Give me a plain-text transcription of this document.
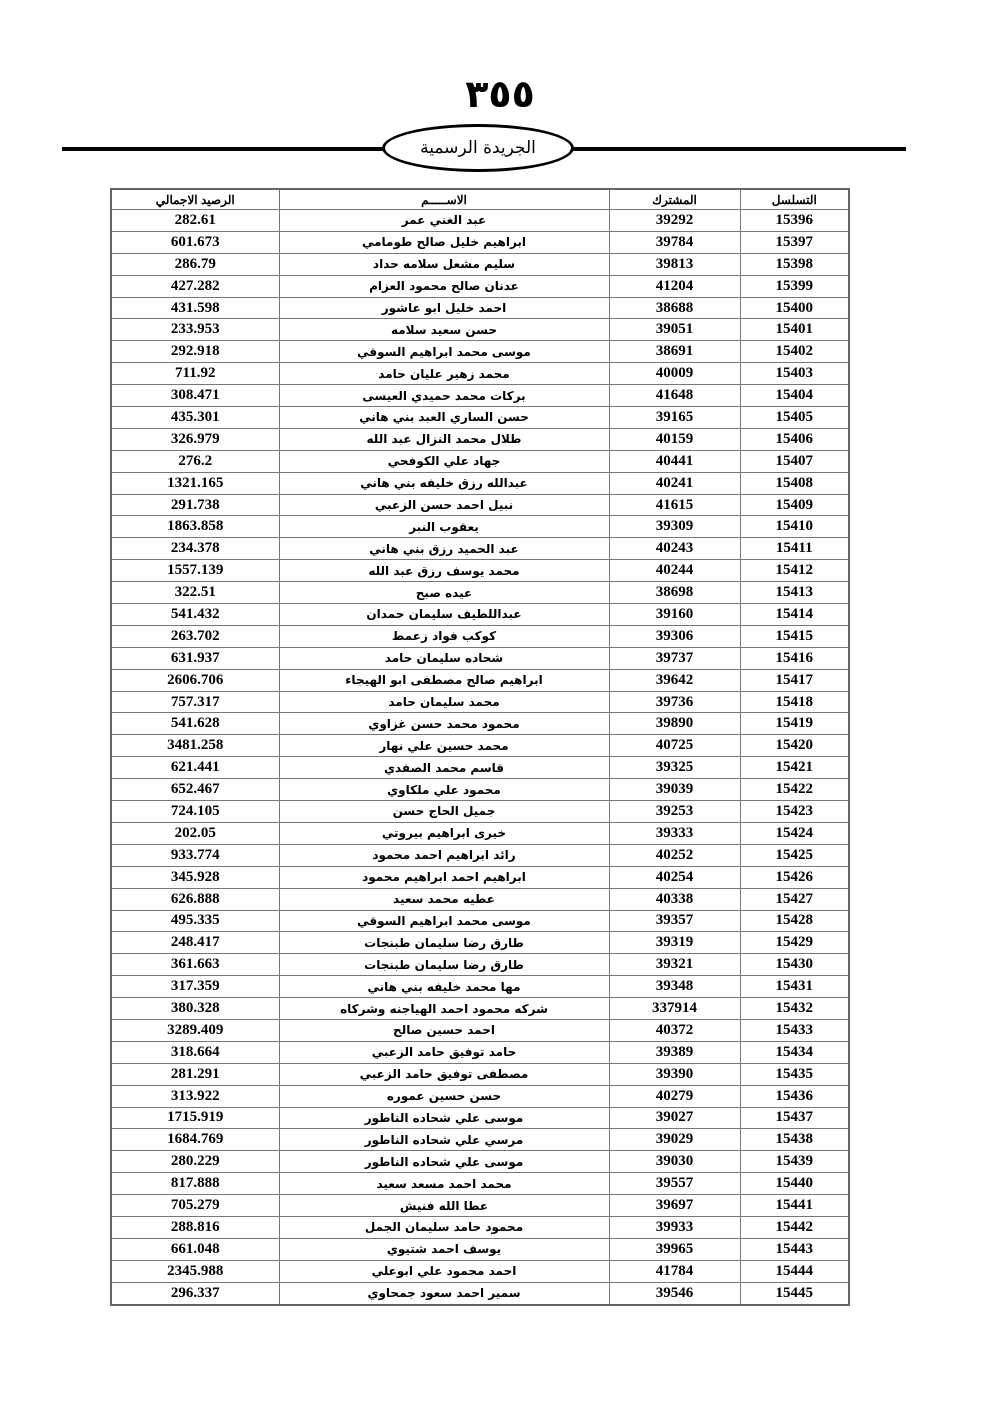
٣٥٥
الجريدة الرسمية
الرصيد الاجمالي	الاســـــم	المشترك	التسلسل
282.61	عبد الغني عمر	39292	15396
601.673	ابراهيم خليل صالح طومامي	39784	15397
286.79	سليم مشعل سلامه حداد	39813	15398
427.282	عدنان صالح محمود العزام	41204	15399
431.598	احمد خليل ابو عاشور	38688	15400
233.953	حسن سعيد سلامه	39051	15401
292.918	موسى محمد ابراهيم السوقي	38691	15402
711.92	محمد زهير عليان حامد	40009	15403
308.471	بركات محمد حميدي العيسى	41648	15404
435.301	حسن الساري العبد بني هاني	39165	15405
326.979	طلال محمد النزال عبد الله	40159	15406
276.2	جهاد علي الكوفحي	40441	15407
1321.165	عبدالله رزق خليفه بني هاني	40241	15408
291.738	نبيل احمد حسن الزعبي	41615	15409
1863.858	يعقوب النبر	39309	15410
234.378	عبد الحميد رزق بني هاني	40243	15411
1557.139	محمد يوسف رزق عبد الله	40244	15412
322.51	عيده صبح	38698	15413
541.432	عبداللطيف سليمان حمدان	39160	15414
263.702	كوكب فواد زعمط	39306	15415
631.937	شحاده سليمان حامد	39737	15416
2606.706	ابراهيم صالح مصطفى ابو الهيجاء	39642	15417
757.317	محمد سليمان حامد	39736	15418
541.628	محمود محمد حسن غزاوي	39890	15419
3481.258	محمد حسين علي نهار	40725	15420
621.441	قاسم محمد الصفدي	39325	15421
652.467	محمود علي ملكاوي	39039	15422
724.105	جميل الحاج حسن	39253	15423
202.05	خيرى ابراهيم بيروتي	39333	15424
933.774	رائد ابراهيم احمد محمود	40252	15425
345.928	ابراهيم احمد ابراهيم محمود	40254	15426
626.888	عطيه محمد سعيد	40338	15427
495.335	موسى محمد ابراهيم السوقي	39357	15428
248.417	طارق رضا سليمان طبنجات	39319	15429
361.663	طارق رضا سليمان طبنجات	39321	15430
317.359	مها محمد خليفه بني هاني	39348	15431
380.328	شركه محمود احمد الهياجنه وشركاه	337914	15432
3289.409	احمد حسين صالح	40372	15433
318.664	حامد توفيق حامد الزعبي	39389	15434
281.291	مصطفى توفيق حامد الزعبي	39390	15435
313.922	حسن حسين عموره	40279	15436
1715.919	موسى علي شحاده الناطور	39027	15437
1684.769	مرسي علي شحاده الناطور	39029	15438
280.229	موسى علي شحاده الناطور	39030	15439
817.888	محمد احمد مسعد سعيد	39557	15440
705.279	عطا الله فنيش	39697	15441
288.816	محمود حامد سليمان الجمل	39933	15442
661.048	يوسف احمد شتيوي	39965	15443
2345.988	احمد محمود علي ابوعلي	41784	15444
296.337	سمير احمد سعود جمحاوي	39546	15445
